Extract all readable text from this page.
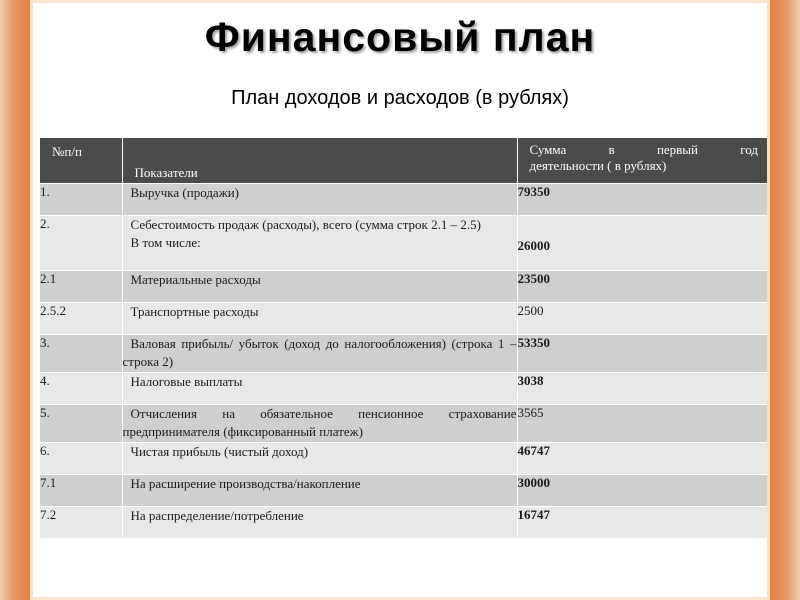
Финансовый план
План доходов и расходов (в рублях)
№п/п	Показатели	Сумма в первый год
деятельности ( в рублях)

1.	Выручка (продажи)	79350
2.	Себестоимость продаж (расходы), всего (сумма строк 2.1 – 2.5)
В том числе:	26000
2.1	Материальные расходы	23500
2.5.2	Транспортные расходы	2500
3.	Валовая прибыль/ убыток (доход до налогообложения) (строка 1 – строка 2)	53350
4.	Налоговые выплаты	3038
5.	Отчисления на обязательное пенсионное страхование предпринимателя (фиксированный платеж)	3565
6.	Чистая прибыль (чистый доход)	46747
7.1	На расширение производства/накопление	30000
7.2	На распределение/потребление	16747
